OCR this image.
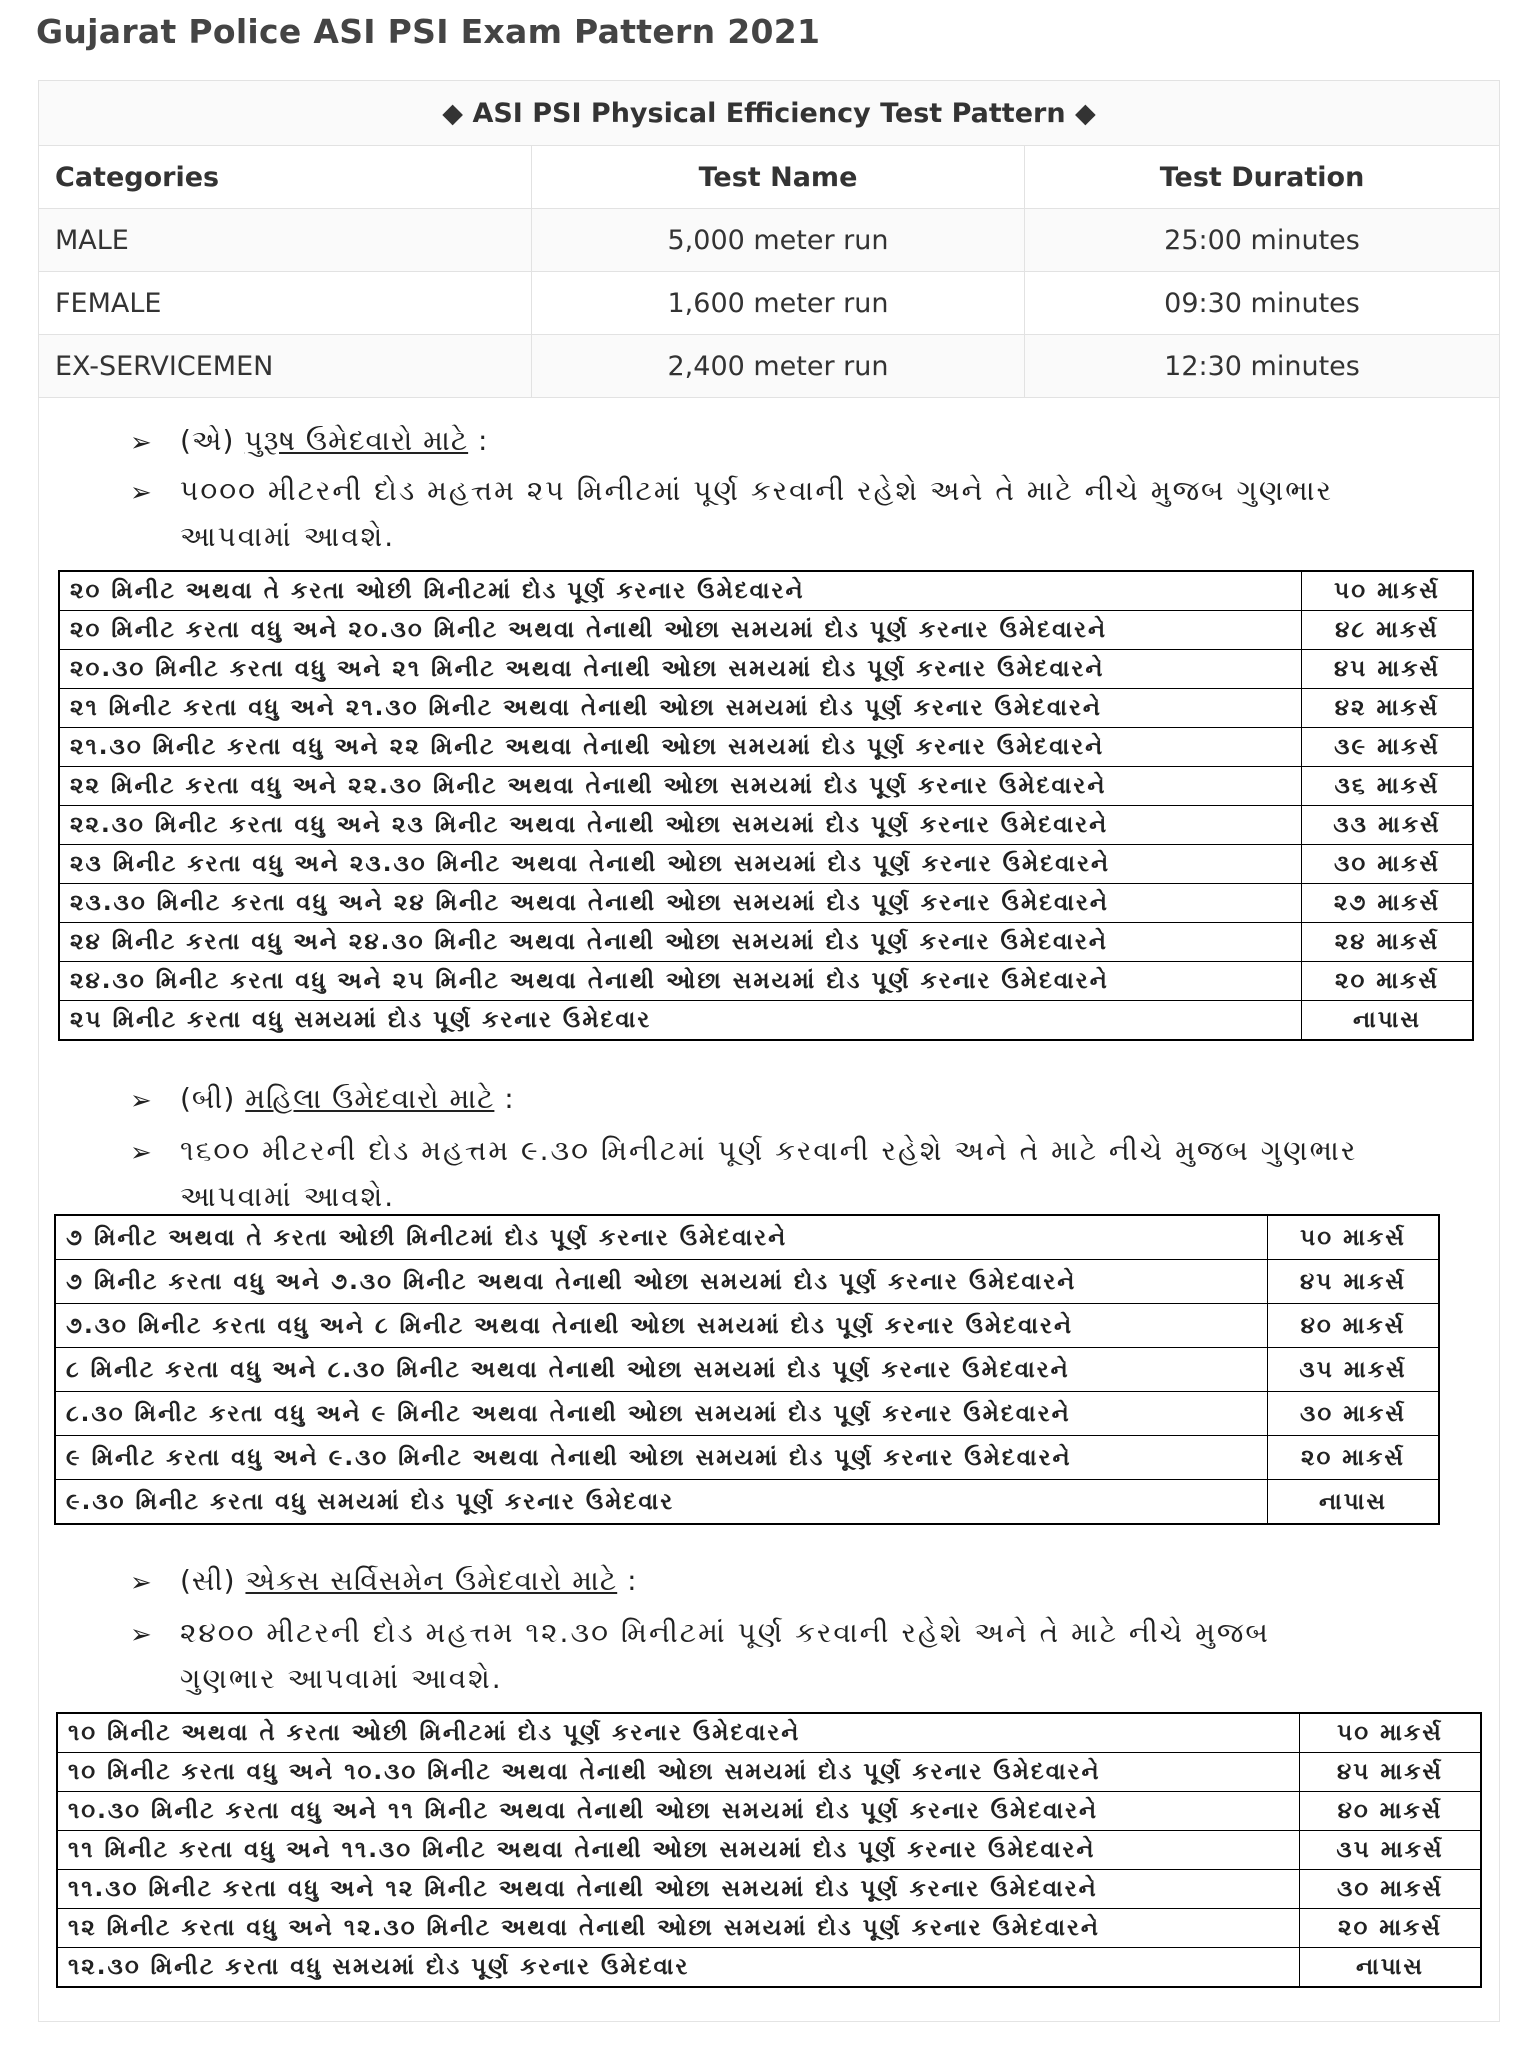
Gujarat Police ASI PSI Exam Pattern 2021
◆ ASI PSI Physical Efficiency Test Pattern ◆		
Categories	Test Name	Test Duration
MALE	5,000 meter run	25:00 minutes
FEMALE	1,600 meter run	09:30 minutes
EX-SERVICEMEN	2,400 meter run	12:30 minutes
➢ (એ) પુરૂષ ઉમેદવારો માટે :
➢ ૫૦૦૦ મીટરની દોડ મહત્તમ ૨૫ મિનીટમાં પૂર્ણ કરવાની રહેશે અને તે માટે નીચે મુજબ ગુણભાર
આપવામાં આવશે.
૨૦ મિનીટ અથવા તે કરતા ઓછી મિનીટમાં દોડ પૂર્ણ કરનાર ઉમેદવારને	૫૦ માકર્સ
૨૦ મિનીટ કરતા વધુ અને ૨૦.૩૦ મિનીટ અથવા તેનાથી ઓછા સમયમાં દોડ પૂર્ણ કરનાર ઉમેદવારને	૪૮ માકર્સ
૨૦.૩૦ મિનીટ કરતા વધુ અને ૨૧ મિનીટ અથવા તેનાથી ઓછા સમયમાં દોડ પૂર્ણ કરનાર ઉમેદવારને	૪૫ માકર્સ
૨૧ મિનીટ કરતા વધુ અને ૨૧.૩૦ મિનીટ અથવા તેનાથી ઓછા સમયમાં દોડ પૂર્ણ કરનાર ઉમેદવારને	૪૨ માકર્સ
૨૧.૩૦ મિનીટ કરતા વધુ અને ૨૨ મિનીટ અથવા તેનાથી ઓછા સમયમાં દોડ પૂર્ણ કરનાર ઉમેદવારને	૩૯ માકર્સ
૨૨ મિનીટ કરતા વધુ અને ૨૨.૩૦ મિનીટ અથવા તેનાથી ઓછા સમયમાં દોડ પૂર્ણ કરનાર ઉમેદવારને	૩૬ માકર્સ
૨૨.૩૦ મિનીટ કરતા વધુ અને ૨૩ મિનીટ અથવા તેનાથી ઓછા સમયમાં દોડ પૂર્ણ કરનાર ઉમેદવારને	૩૩ માકર્સ
૨૩ મિનીટ કરતા વધુ અને ૨૩.૩૦ મિનીટ અથવા તેનાથી ઓછા સમયમાં દોડ પૂર્ણ કરનાર ઉમેદવારને	૩૦ માકર્સ
૨૩.૩૦ મિનીટ કરતા વધુ અને ૨૪ મિનીટ અથવા તેનાથી ઓછા સમયમાં દોડ પૂર્ણ કરનાર ઉમેદવારને	૨૭ માકર્સ
૨૪ મિનીટ કરતા વધુ અને ૨૪.૩૦ મિનીટ અથવા તેનાથી ઓછા સમયમાં દોડ પૂર્ણ કરનાર ઉમેદવારને	૨૪ માકર્સ
૨૪.૩૦ મિનીટ કરતા વધુ અને ૨૫ મિનીટ અથવા તેનાથી ઓછા સમયમાં દોડ પૂર્ણ કરનાર ઉમેદવારને	૨૦ માકર્સ
૨૫ મિનીટ કરતા વધુ સમયમાં દોડ પૂર્ણ કરનાર ઉમેદવાર	નાપાસ
➢ (બી) મહિલા ઉમેદવારો માટે :
➢ ૧૬૦૦ મીટરની દોડ મહત્તમ ૯.૩૦ મિનીટમાં પૂર્ણ કરવાની રહેશે અને તે માટે નીચે મુજબ ગુણભાર
આપવામાં આવશે.
૭ મિનીટ અથવા તે કરતા ઓછી મિનીટમાં દોડ પૂર્ણ કરનાર ઉમેદવારને	૫૦ માકર્સ
૭ મિનીટ કરતા વધુ અને ૭.૩૦ મિનીટ અથવા તેનાથી ઓછા સમયમાં દોડ પૂર્ણ કરનાર ઉમેદવારને	૪૫ માકર્સ
૭.૩૦ મિનીટ કરતા વધુ અને ૮ મિનીટ અથવા તેનાથી ઓછા સમયમાં દોડ પૂર્ણ કરનાર ઉમેદવારને	૪૦ માકર્સ
૮ મિનીટ કરતા વધુ અને ૮.૩૦ મિનીટ અથવા તેનાથી ઓછા સમયમાં દોડ પૂર્ણ કરનાર ઉમેદવારને	૩૫ માકર્સ
૮.૩૦ મિનીટ કરતા વધુ અને ૯ મિનીટ અથવા તેનાથી ઓછા સમયમાં દોડ પૂર્ણ કરનાર ઉમેદવારને	૩૦ માકર્સ
૯ મિનીટ કરતા વધુ અને ૯.૩૦ મિનીટ અથવા તેનાથી ઓછા સમયમાં દોડ પૂર્ણ કરનાર ઉમેદવારને	૨૦ માકર્સ
૯.૩૦ મિનીટ કરતા વધુ સમયમાં દોડ પૂર્ણ કરનાર ઉમેદવાર	નાપાસ
➢ (સી) એકસ સર્વિસમેન ઉમેદવારો માટે :
➢ ૨૪૦૦ મીટરની દોડ મહત્તમ ૧૨.૩૦ મિનીટમાં પૂર્ણ કરવાની રહેશે અને તે માટે નીચે મુજબ
ગુણભાર આપવામાં આવશે.
૧૦ મિનીટ અથવા તે કરતા ઓછી મિનીટમાં દોડ પૂર્ણ કરનાર ઉમેદવારને	૫૦ માકર્સ
૧૦ મિનીટ કરતા વધુ અને ૧૦.૩૦ મિનીટ અથવા તેનાથી ઓછા સમયમાં દોડ પૂર્ણ કરનાર ઉમેદવારને	૪૫ માકર્સ
૧૦.૩૦ મિનીટ કરતા વધુ અને ૧૧ મિનીટ અથવા તેનાથી ઓછા સમયમાં દોડ પૂર્ણ કરનાર ઉમેદવારને	૪૦ માકર્સ
૧૧ મિનીટ કરતા વધુ અને ૧૧.૩૦ મિનીટ અથવા તેનાથી ઓછા સમયમાં દોડ પૂર્ણ કરનાર ઉમેદવારને	૩૫ માકર્સ
૧૧.૩૦ મિનીટ કરતા વધુ અને ૧૨ મિનીટ અથવા તેનાથી ઓછા સમયમાં દોડ પૂર્ણ કરનાર ઉમેદવારને	૩૦ માકર્સ
૧૨ મિનીટ કરતા વધુ અને ૧૨.૩૦ મિનીટ અથવા તેનાથી ઓછા સમયમાં દોડ પૂર્ણ કરનાર ઉમેદવારને	૨૦ માકર્સ
૧૨.૩૦ મિનીટ કરતા વધુ સમયમાં દોડ પૂર્ણ કરનાર ઉમેદવાર	નાપાસ
